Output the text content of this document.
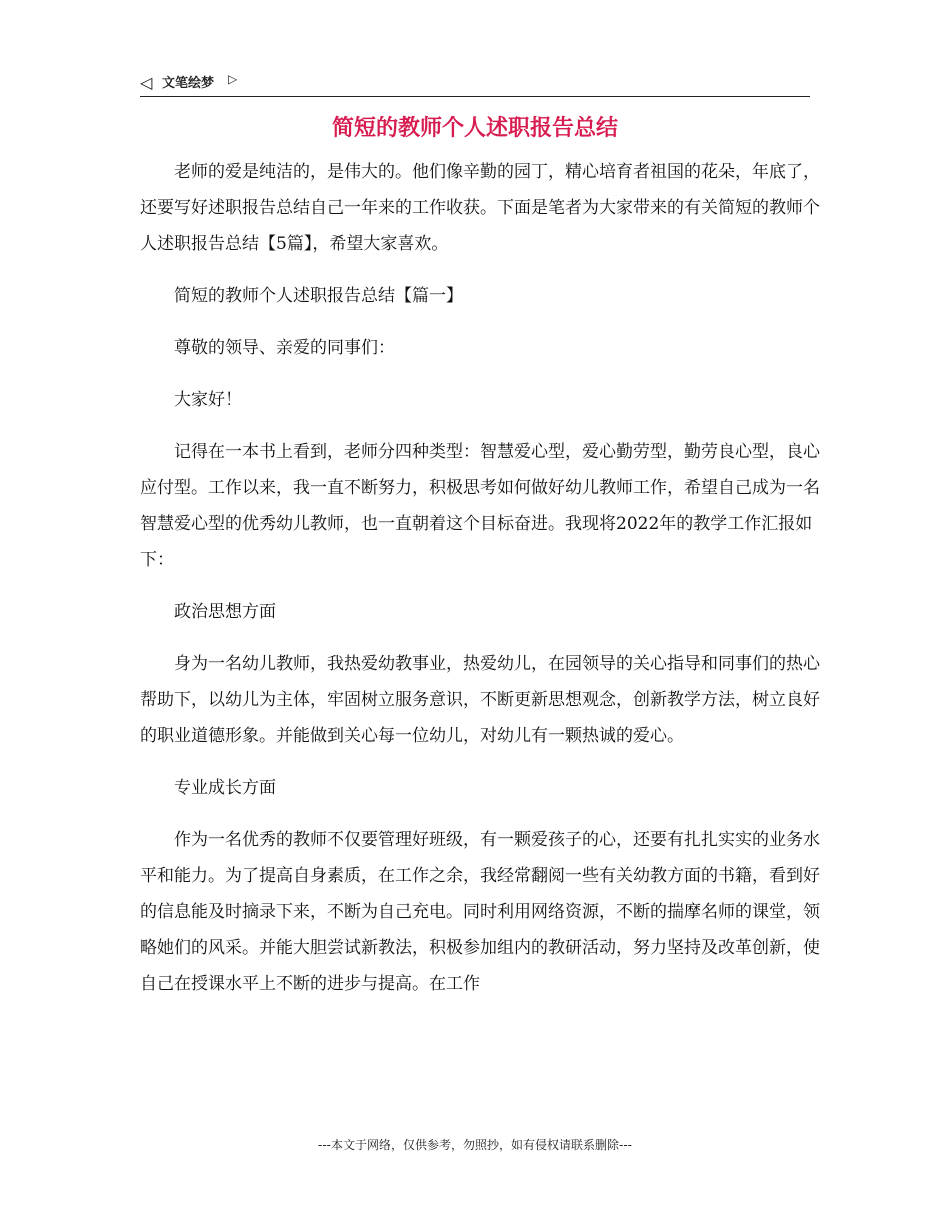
◁ 文笔绘梦 ▷
简短的教师个人述职报告总结

老师的爱是纯洁的，是伟大的。他们像辛勤的园丁，精心培育者祖国的花朵，年底了，还要写好述职报告总结自己一年来的工作收获。下面是笔者为大家带来的有关简短的教师个人述职报告总结【5篇】，希望大家喜欢。

简短的教师个人述职报告总结【篇一】

尊敬的领导、亲爱的同事们：

大家好！

记得在一本书上看到，老师分四种类型：智慧爱心型，爱心勤劳型，勤劳良心型，良心应付型。工作以来，我一直不断努力，积极思考如何做好幼儿教师工作，希望自己成为一名智慧爱心型的优秀幼儿教师，也一直朝着这个目标奋进。我现将2022年的教学工作汇报如下：

政治思想方面

身为一名幼儿教师，我热爱幼教事业，热爱幼儿，在园领导的关心指导和同事们的热心帮助下，以幼儿为主体，牢固树立服务意识，不断更新思想观念，创新教学方法，树立良好的职业道德形象。并能做到关心每一位幼儿，对幼儿有一颗热诚的爱心。

专业成长方面

作为一名优秀的教师不仅要管理好班级，有一颗爱孩子的心，还要有扎扎实实的业务水平和能力。为了提高自身素质，在工作之余，我经常翻阅一些有关幼教方面的书籍，看到好的信息能及时摘录下来，不断为自己充电。同时利用网络资源，不断的揣摩名师的课堂，领略她们的风采。并能大胆尝试新教法，积极参加组内的教研活动，努力坚持及改革创新，使自己在授课水平上不断的进步与提高。在工作

---本文于网络，仅供参考，勿照抄，如有侵权请联系删除---
